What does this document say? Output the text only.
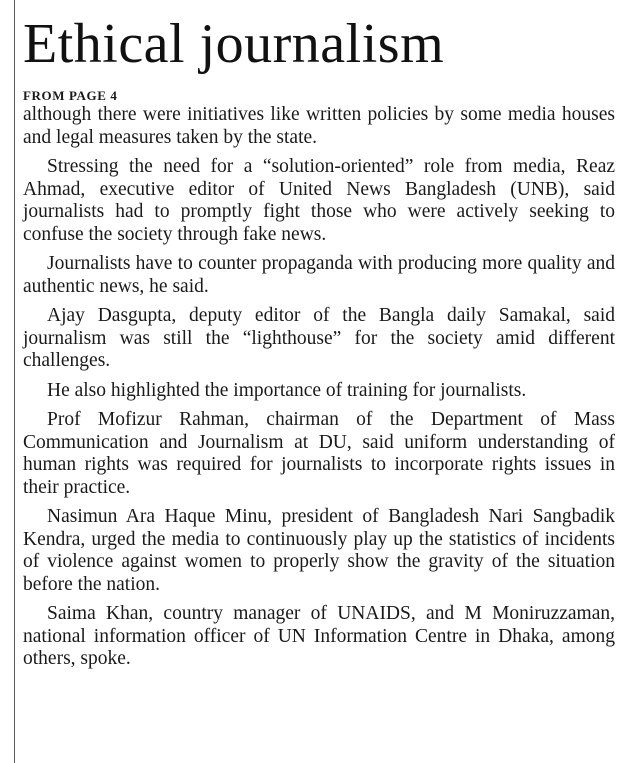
Ethical journalism
FROM PAGE 4

although there were initiatives like written policies by some media houses and legal measures taken by the state.

Stressing the need for a “solution-oriented” role from media, Reaz Ahmad, executive editor of United News Bangladesh (UNB), said journalists had to promptly fight those who were actively seeking to confuse the society through fake news.

Journalists have to counter propaganda with producing more quality and authentic news, he said.

Ajay Dasgupta, deputy editor of the Bangla daily Samakal, said journalism was still the “lighthouse” for the society amid different challenges.

He also highlighted the importance of training for journalists.

Prof Mofizur Rahman, chairman of the Department of Mass Communication and Journalism at DU, said uniform understanding of human rights was required for journalists to incorporate rights issues in their practice.

Nasimun Ara Haque Minu, president of Bangladesh Nari Sangbadik Kendra, urged the media to continuously play up the statistics of incidents of violence against women to properly show the gravity of the situation before the nation.

Saima Khan, country manager of UNAIDS, and M Moniruzzaman, national information officer of UN Information Centre in Dhaka, among others, spoke.
